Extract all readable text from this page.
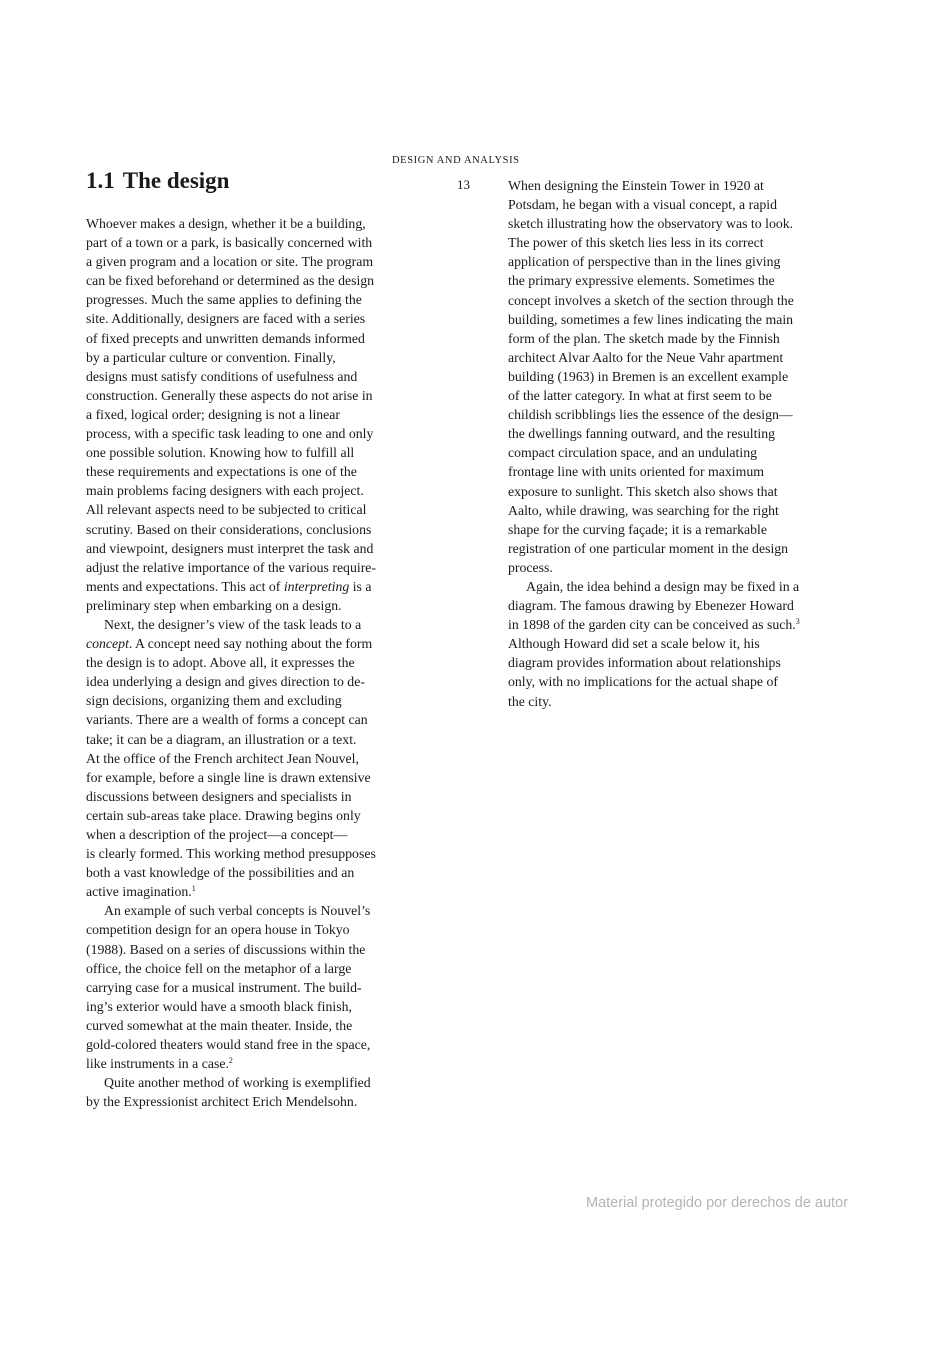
DESIGN AND ANALYSIS
1.1 The design	13
Whoever makes a design, whether it be a building,
part of a town or a park, is basically concerned with
a given program and a location or site. The program
can be fixed beforehand or determined as the design
progresses. Much the same applies to defining the
site. Additionally, designers are faced with a series
of fixed precepts and unwritten demands informed
by a particular culture or convention. Finally,
designs must satisfy conditions of usefulness and
construction. Generally these aspects do not arise in
a fixed, logical order; designing is not a linear
process, with a specific task leading to one and only
one possible solution. Knowing how to fulfill all
these requirements and expectations is one of the
main problems facing designers with each project.
All relevant aspects need to be subjected to critical
scrutiny. Based on their considerations, conclusions
and viewpoint, designers must interpret the task and
adjust the relative importance of the various require-
ments and expectations. This act of interpreting is a
preliminary step when embarking on a design.
Next, the designer’s view of the task leads to a
concept. A concept need say nothing about the form
the design is to adopt. Above all, it expresses the
idea underlying a design and gives direction to de-
sign decisions, organizing them and excluding
variants. There are a wealth of forms a concept can
take; it can be a diagram, an illustration or a text.
At the office of the French architect Jean Nouvel,
for example, before a single line is drawn extensive
discussions between designers and specialists in
certain sub-areas take place. Drawing begins only
when a description of the project—a concept—
is clearly formed. This working method presupposes
both a vast knowledge of the possibilities and an
active imagination.$^1$
An example of such verbal concepts is Nouvel’s
competition design for an opera house in Tokyo
(1988). Based on a series of discussions within the
office, the choice fell on the metaphor of a large
carrying case for a musical instrument. The build-
ing’s exterior would have a smooth black finish,
curved somewhat at the main theater. Inside, the
gold-colored theaters would stand free in the space,
like instruments in a case.$^2$
Quite another method of working is exemplified
by the Expressionist architect Erich Mendelsohn.
When designing the Einstein Tower in 1920 at
Potsdam, he began with a visual concept, a rapid
sketch illustrating how the observatory was to look.
The power of this sketch lies less in its correct
application of perspective than in the lines giving
the primary expressive elements. Sometimes the
concept involves a sketch of the section through the
building, sometimes a few lines indicating the main
form of the plan. The sketch made by the Finnish
architect Alvar Aalto for the Neue Vahr apartment
building (1963) in Bremen is an excellent example
of the latter category. In what at first seem to be
childish scribblings lies the essence of the design—
the dwellings fanning outward, and the resulting
compact circulation space, and an undulating
frontage line with units oriented for maximum
exposure to sunlight. This sketch also shows that
Aalto, while drawing, was searching for the right
shape for the curving façade; it is a remarkable
registration of one particular moment in the design
process.
Again, the idea behind a design may be fixed in a
diagram. The famous drawing by Ebenezer Howard
in 1898 of the garden city can be conceived as such.$^3$
Although Howard did set a scale below it, his
diagram provides information about relationships
only, with no implications for the actual shape of
the city.
Material protegido por derechos de autor
